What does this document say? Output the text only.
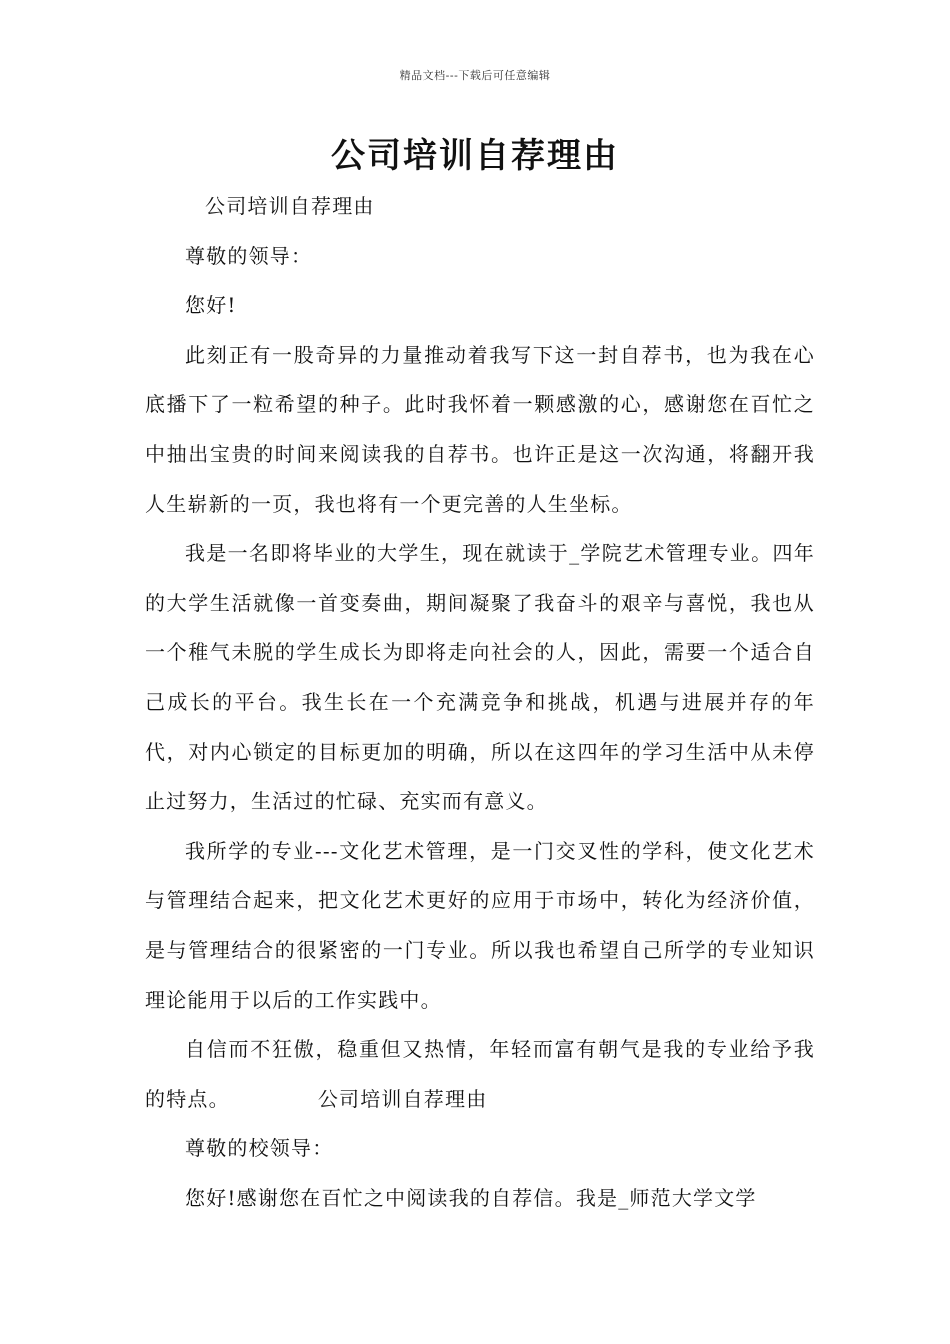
精品文档---下载后可任意编辑
公司培训自荐理由

公司培训自荐理由

尊敬的领导：

您好!

此刻正有一股奇异的力量推动着我写下这一封自荐书，也为我在心底播下了一粒希望的种子。此时我怀着一颗感激的心，感谢您在百忙之中抽出宝贵的时间来阅读我的自荐书。也许正是这一次沟通，将翻开我人生崭新的一页，我也将有一个更完善的人生坐标。

我是一名即将毕业的大学生，现在就读于_学院艺术管理专业。四年的大学生活就像一首变奏曲，期间凝聚了我奋斗的艰辛与喜悦，我也从一个稚气未脱的学生成长为即将走向社会的人，因此，需要一个适合自己成长的平台。我生长在一个充满竞争和挑战，机遇与进展并存的年代，对内心锁定的目标更加的明确，所以在这四年的学习生活中从未停止过努力，生活过的忙碌、充实而有意义。

我所学的专业---文化艺术管理，是一门交叉性的学科，使文化艺术与管理结合起来，把文化艺术更好的应用于市场中，转化为经济价值，是与管理结合的很紧密的一门专业。所以我也希望自己所学的专业知识理论能用于以后的工作实践中。

自信而不狂傲，稳重但又热情，年轻而富有朝气是我的专业给予我的特点。	公司培训自荐理由

尊敬的校领导：

您好!感谢您在百忙之中阅读我的自荐信。我是_师范大学文学
